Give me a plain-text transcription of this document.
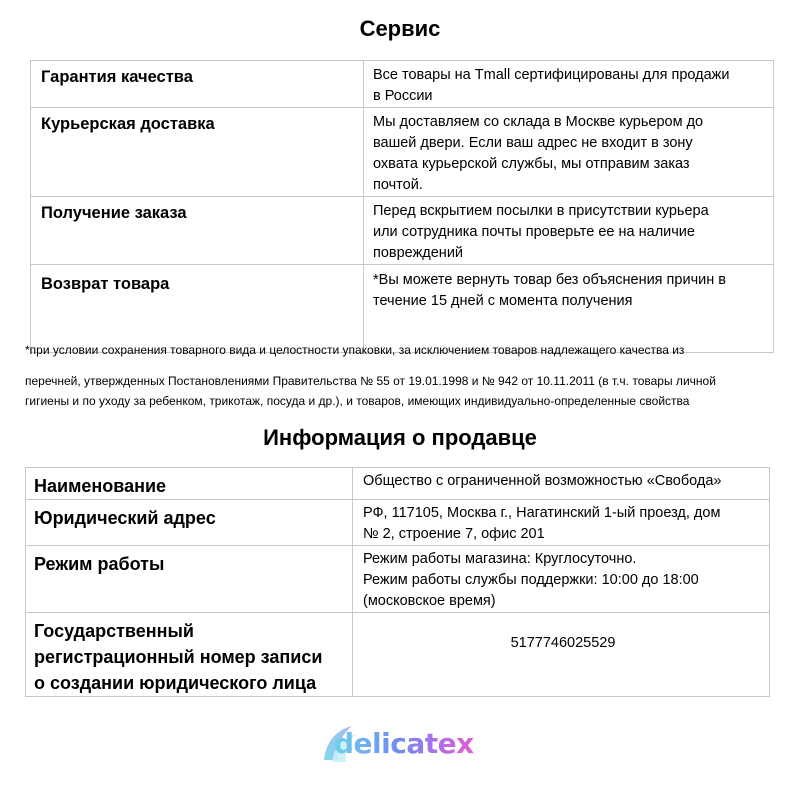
Сервис
Гарантия качества	Все товары на Tmall сертифицированы для продажи
в России

Курьерская доставка	Мы доставляем со склада в Москве курьером до
вашей двери. Если ваш адрес не входит в зону
охвата курьерской службы, мы отправим заказ
почтой.

Получение заказа	Перед вскрытием посылки в присутствии курьера
или сотрудника почты проверьте ее на наличие
повреждений

Возврат товара	*Вы можете вернуть товар без объяснения причин в
течение 15 дней с момента получения

*при условии сохранения товарного вида и целостности упаковки, за исключением товаров надлежащего качества из

перечней, утвержденных Постановлениями Правительства № 55 от 19.01.1998 и № 942 от 10.11.2011 (в т.ч. товары личной
гигиены и по уходу за ребенком, трикотаж, посуда и др.), и товаров, имеющих индивидуально-определенные свойства

Информация о продавце
Наименование	Общество с ограниченной возможностью «Свобода»

Юридический адрес	РФ, 117105, Москва г., Нагатинский 1-ый проезд, дом
№ 2, строение 7, офис 201

Режим работы	Режим работы магазина: Круглосуточно.
Режим работы службы поддержки: 10:00 до 18:00
(московское время)

Государственный
регистрационный номер записи
о создании юридического лица	5177746025529
delicatex
